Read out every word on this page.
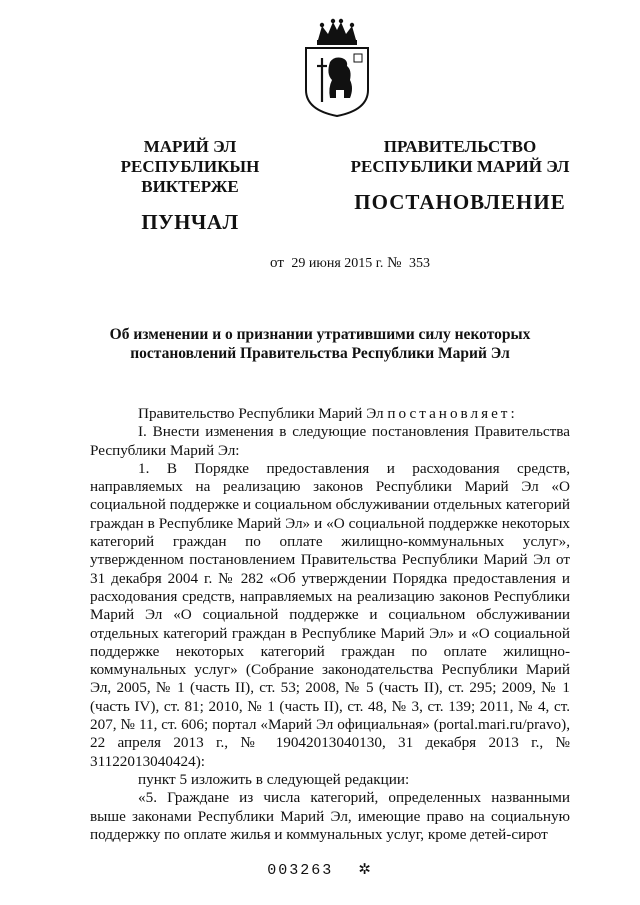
МАРИЙ ЭЛ РЕСПУБЛИКЫН
ВИКТЕРЖЕ
ПУНЧАЛ
ПРАВИТЕЛЬСТВО
РЕСПУБЛИКИ МАРИЙ ЭЛ
ПОСТАНОВЛЕНИЕ
от 29 июня 2015 г. № 353
Об изменении и о признании утратившими силу некоторых
постановлений Правительства Республики Марий Эл

Правительство Республики Марий Эл постановляет:

I. Внести изменения в следующие постановления Правительства Республики Марий Эл:

1. В Порядке предоставления и расходования средств, направляемых на реализацию законов Республики Марий Эл «О социальной поддержке и социальном обслуживании отдельных категорий граждан в Республике Марий Эл» и «О социальной поддержке некоторых категорий граждан по оплате жилищно-коммунальных услуг», утвержденном постановлением Правительства Республики Марий Эл от 31 декабря 2004 г. № 282 «Об утверждении Порядка предоставления и расходования средств, направляемых на реализацию законов Республики Марий Эл «О социальной поддержке и социальном обслуживании отдельных категорий граждан в Республике Марий Эл» и «О социальной поддержке некоторых категорий граждан по оплате жилищно-коммунальных услуг» (Собрание законодательства Республики Марий Эл, 2005, № 1 (часть II), ст. 53; 2008, № 5 (часть II), ст. 295; 2009, № 1 (часть IV), ст. 81; 2010, № 1 (часть II), ст. 48, № 3, ст. 139; 2011, № 4, ст. 207, № 11, ст. 606; портал «Марий Эл официальная» (portal.mari.ru/pravo), 22 апреля 2013 г., № 19042013040130, 31 декабря 2013 г., № 31122013040424):

пункт 5 изложить в следующей редакции:

«5. Граждане из числа категорий, определенных названными выше законами Республики Марий Эл, имеющие право на социальную поддержку по оплате жилья и коммунальных услуг, кроме детей-сирот

003263 ✲
